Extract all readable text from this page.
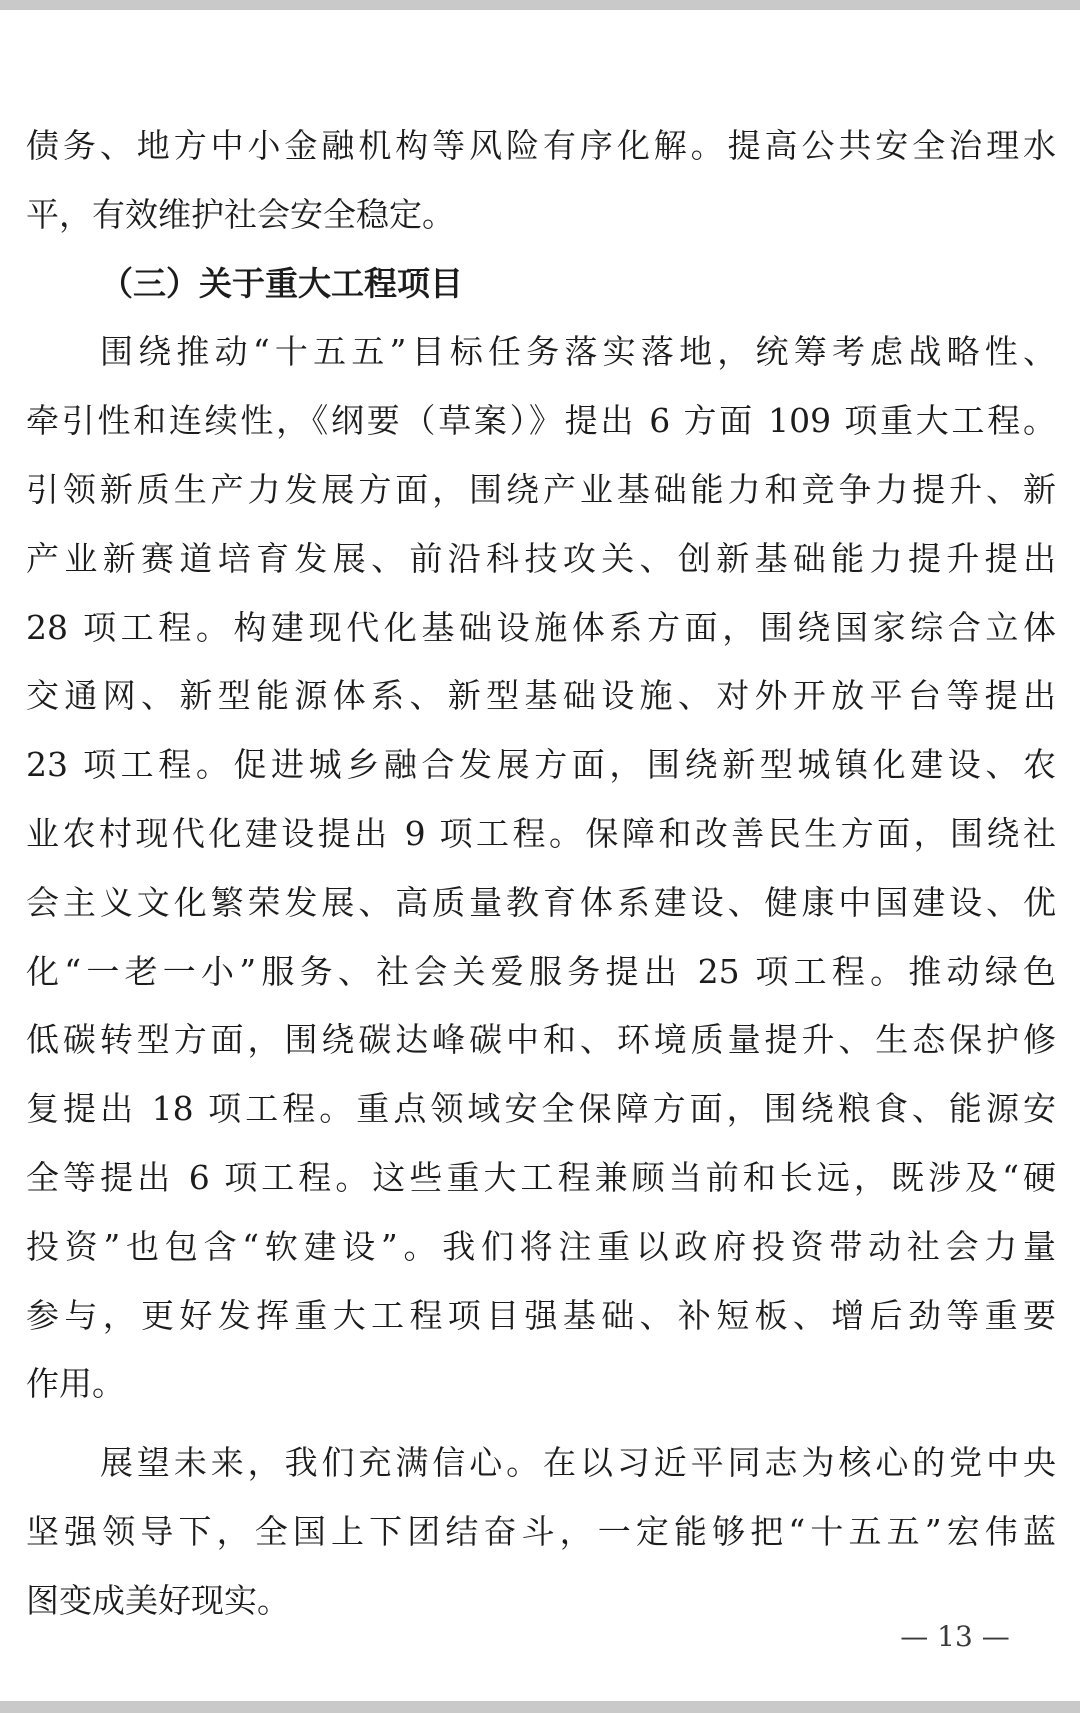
债务、地方中小金融机构等风险有序化解。提高公共安全治理水
平，有效维护社会安全稳定。
（三）关于重大工程项目
围绕推动“十五五”目标任务落实落地，统筹考虑战略性、
牵引性和连续性，《纲要（草案）》提出 6 方面 109 项重大工程。
引领新质生产力发展方面，围绕产业基础能力和竞争力提升、新
产业新赛道培育发展、前沿科技攻关、创新基础能力提升提出
28 项工程。构建现代化基础设施体系方面，围绕国家综合立体
交通网、新型能源体系、新型基础设施、对外开放平台等提出
23 项工程。促进城乡融合发展方面，围绕新型城镇化建设、农
业农村现代化建设提出 9 项工程。保障和改善民生方面，围绕社
会主义文化繁荣发展、高质量教育体系建设、健康中国建设、优
化“一老一小”服务、社会关爱服务提出 25 项工程。推动绿色
低碳转型方面，围绕碳达峰碳中和、环境质量提升、生态保护修
复提出 18 项工程。重点领域安全保障方面，围绕粮食、能源安
全等提出 6 项工程。这些重大工程兼顾当前和长远，既涉及“硬
投资”也包含“软建设”。我们将注重以政府投资带动社会力量
参与，更好发挥重大工程项目强基础、补短板、增后劲等重要
作用。
展望未来，我们充满信心。在以习近平同志为核心的党中央
坚强领导下，全国上下团结奋斗，一定能够把“十五五”宏伟蓝
图变成美好现实。
— 13 —
